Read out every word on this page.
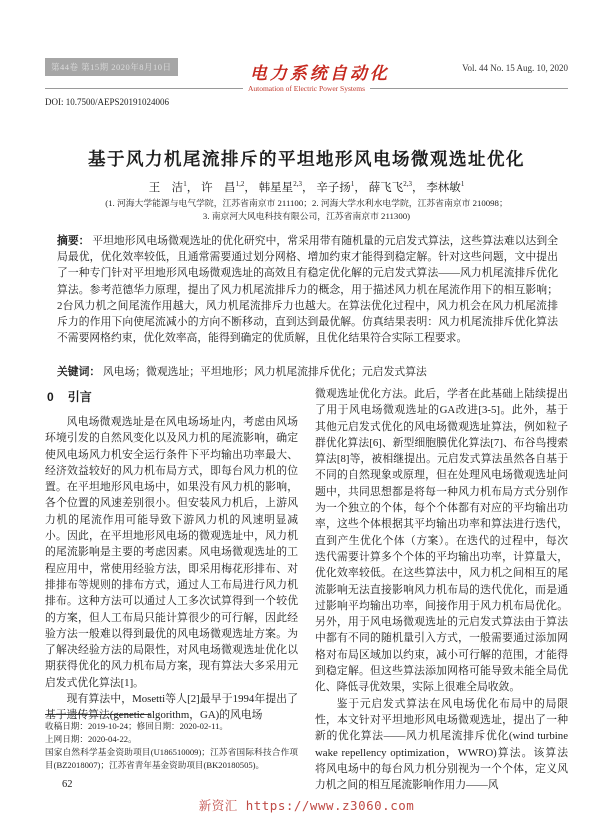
第44卷 第15期 2020年8月10日	电力系统自动化	Vol. 44 No. 15 Aug. 10, 2020
Automation of Electric Power Systems
DOI: 10.7500/AEPS20191024006
基于风力机尾流排斥的平坦地形风电场微观选址优化
王　洁$^1$， 许　昌$^{1,2}$， 韩星星$^{2,3}$， 辛子扬$^1$， 薛飞飞$^{2,3}$， 李林敏$^1$
(1. 河海大学能源与电气学院，江苏省南京市 211100；2. 河海大学水利水电学院，江苏省南京市 210098；
3. 南京河大风电科技有限公司，江苏省南京市 211300)
摘要： 平坦地形风电场微观选址的优化研究中，常采用带有随机量的元启发式算法，这些算法难以达到全局最优，优化效率较低，且通常需要通过划分网格、增加约束才能得到稳定解。针对这些问题，文中提出了一种专门针对平坦地形风电场微观选址的高效且有稳定优化解的元启发式算法——风力机尾流排斥优化算法。参考范德华力原理，提出了风力机尾流排斥力的概念，用于描述风力机在尾流作用下的相互影响；2台风力机之间尾流作用越大，风力机尾流排斥力也越大。在算法优化过程中，风力机会在风力机尾流排斥力的作用下向使尾流减小的方向不断移动，直到达到最优解。仿真结果表明：风力机尾流排斥优化算法不需要网格约束，优化效率高，能得到确定的优质解，且优化结果符合实际工程要求。
关键词： 风电场；微观选址；平坦地形；风力机尾流排斥优化；元启发式算法
0 引言

风电场微观选址是在风电场场址内，考虑由风场环境引发的自然风变化以及风力机的尾流影响，确定使风电场风力机安全运行条件下平均输出功率最大、经济效益较好的风力机布局方式，即每台风力机的位置。在平坦地形风电场中，如果没有风力机的影响，各个位置的风速差别很小。但安装风力机后，上游风力机的尾流作用可能导致下游风力机的风速明显减小。因此，在平坦地形风电场的微观选址中，风力机的尾流影响是主要的考虑因素。风电场微观选址的工程应用中，常使用经验方法，即采用梅花形排布、对排排布等规则的排布方式，通过人工布局进行风力机排布。这种方法可以通过人工多次试算得到一个较优的方案，但人工布局只能计算很少的可行解，因此经验方法一般难以得到最优的风电场微观选址方案。为了解决经验方法的局限性，对风电场微观选址优化以期获得优化的风力机布局方案，现有算法大多采用元启发式优化算法[1]。

现有算法中，Mosetti等人[2]最早于1994年提出了基于遗传算法(genetic algorithm，GA)的风电场

微观选址优化方法。此后，学者在此基础上陆续提出了用于风电场微观选址的GA改进[3-5]。此外，基于其他元启发式优化的风电场微观选址算法，例如粒子群优化算法[6]、新型细胞膜优化算法[7]、布谷鸟搜索算法[8]等，被相继提出。元启发式算法虽然各自基于不同的自然现象或原理，但在处理风电场微观选址问题中，共同思想都是将每一种风力机布局方式分别作为一个独立的个体，每个个体都有对应的平均输出功率，这些个体根据其平均输出功率和算法进行迭代，直到产生优化个体（方案）。在迭代的过程中，每次迭代需要计算多个个体的平均输出功率，计算量大，优化效率较低。在这些算法中，风力机之间相互的尾流影响无法直接影响风力机布局的迭代优化，而是通过影响平均输出功率，间接作用于风力机布局优化。另外，用于风电场微观选址的元启发式算法由于算法中都有不同的随机量引入方式，一般需要通过添加网格对布局区域加以约束，减小可行解的范围，才能得到稳定解。但这些算法添加网格可能导致未能全局优化、降低寻优效果，实际上很难全局收敛。

鉴于元启发式算法在风电场优化布局中的局限性，本文针对平坦地形风电场微观选址，提出了一种新的优化算法——风力机尾流排斥优化(wind turbine wake repellency optimization，WWRO)算法。该算法将风电场中的每台风力机分别视为一个个体，定义风力机之间的相互尾流影响作用力——风

收稿日期：2019-10-24；修回日期：2020-02-11。
上网日期：2020-04-22。
国家自然科学基金资助项目(U186510009)；江苏省国际科技合作项目(BZ2018007)；江苏省青年基金资助项目(BK20180505)。
62
新资汇 https://www.z3060.com
